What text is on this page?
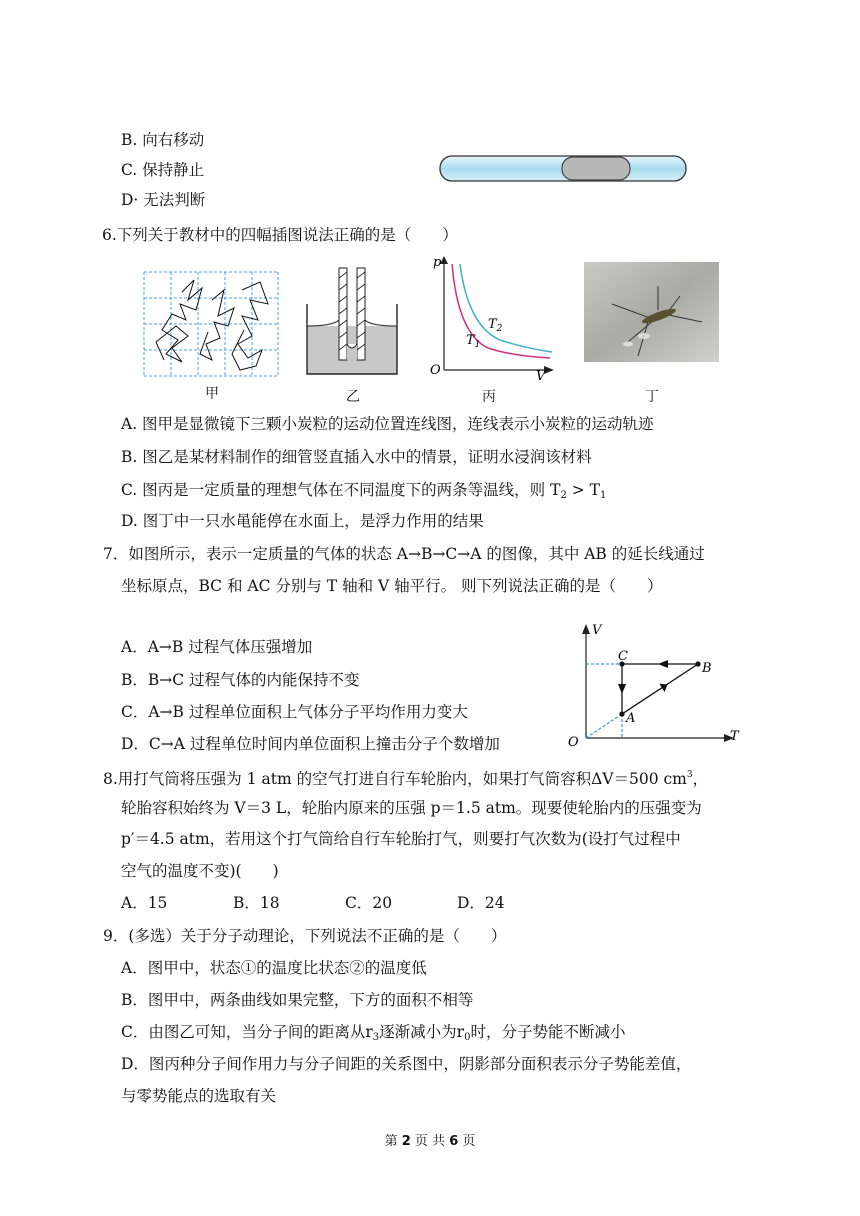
B. 向右移动
C. 保持静止
D· 无法判断
6.下列关于教材中的四幅插图说法正确的是（　　）
甲	乙
p
V
O
$T_2$
$T_1$
丙	丁
A. 图甲是显微镜下三颗小炭粒的运动位置连线图，连线表示小炭粒的运动轨迹
B. 图乙是某材料制作的细管竖直插入水中的情景，证明水浸润该材料
C. 图丙是一定质量的理想气体在不同温度下的两条等温线，则 $T_2 > T_1$
D. 图丁中一只水黾能停在水面上，是浮力作用的结果
7．如图所示，表示一定质量的气体的状态 A→B→C→A 的图像，其中 AB 的延长线通过
坐标原点，BC 和 AC 分别与 T 轴和 V 轴平行。 则下列说法正确的是（　　）
A．A→B 过程气体压强增加
B．B→C 过程气体的内能保持不变
C．A→B 过程单位面积上气体分子平均作用力变大
D．C→A 过程单位时间内单位面积上撞击分子个数增加
V
T
O
A
B
C
8.用打气筒将压强为 1 atm 的空气打进自行车轮胎内，如果打气筒容积ΔV＝500 $cm^3$，
轮胎容积始终为 V＝3 L，轮胎内原来的压强 p＝1.5 atm。现要使轮胎内的压强变为
p′＝4.5 atm，若用这个打气筒给自行车轮胎打气，则要打气次数为(设打气过程中
空气的温度不变)(　　)
A．15	B．18	C．20	D．24
9．(多选）关于分子动理论，下列说法不正确的是（　　）
A．图甲中，状态①的温度比状态②的温度低
B．图甲中，两条曲线如果完整，下方的面积不相等
C．由图乙可知，当分子间的距离从$r_3$逐渐减小为$r_0$时，分子势能不断减小
D．图丙种分子间作用力与分子间距的关系图中，阴影部分面积表示分子势能差值，
与零势能点的选取有关
第 2 页 共 6 页
